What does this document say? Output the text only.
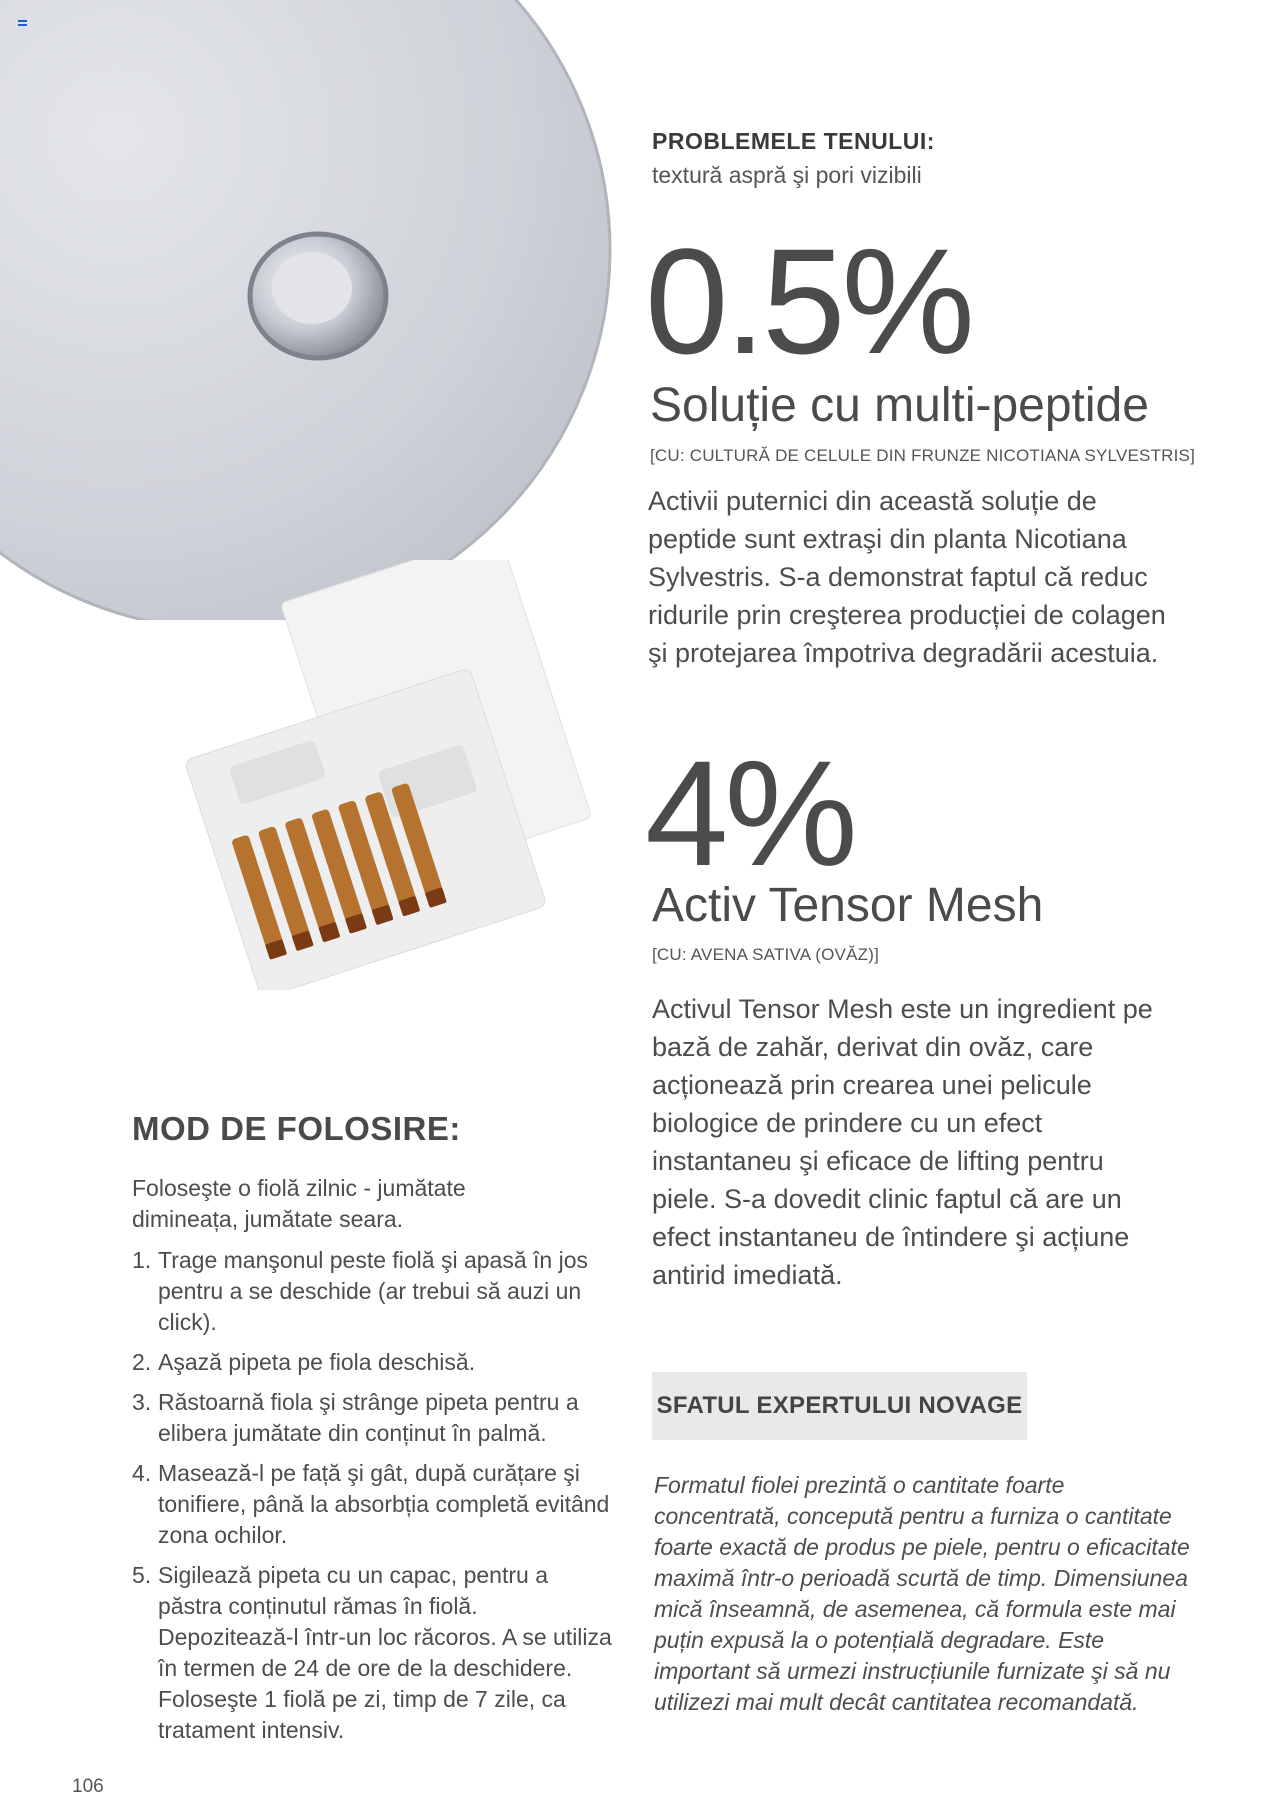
PROBLEMELE TENULUI:
textură aspră şi pori vizibili
0.5%
Soluție cu multi-peptide
[CU: CULTURĂ DE CELULE DIN FRUNZE NICOTIANA SYLVESTRIS]

Activii puternici din această soluție de peptide sunt extraşi din planta Nicotiana Sylvestris. S-a demonstrat faptul că reduc ridurile prin creşterea producției de colagen şi protejarea împotriva degradării acestuia.

4%
Activ Tensor Mesh
[CU: AVENA SATIVA (OVĂZ)]

Activul Tensor Mesh este un ingredient pe bază de zahăr, derivat din ovăz, care acționează prin crearea unei pelicule biologice de prindere cu un efect instantaneu şi eficace de lifting pentru piele. S-a dovedit clinic faptul că are un efect instantaneu de întindere şi acțiune antirid imediată.

MOD DE FOLOSIRE:

Foloseşte o fiolă zilnic - jumătate dimineața, jumătate seara.

1. Trage manşonul peste fiolă şi apasă în jos pentru a se deschide (ar trebui să auzi un click).
2. Aşază pipeta pe fiola deschisă.
3. Răstoarnă fiola şi strânge pipeta pentru a elibera jumătate din conținut în palmă.
4. Masează-l pe față şi gât, după curățare şi tonifiere, până la absorbția completă evitând zona ochilor.
5. Sigilează pipeta cu un capac, pentru a păstra conținutul rămas în fiolă. Depozitează-l într-un loc răcoros. A se utiliza în termen de 24 de ore de la deschidere. Foloseşte 1 fiolă pe zi, timp de 7 zile, ca tratament intensiv.
SFATUL EXPERTULUI NOVAGE

Formatul fiolei prezintă o cantitate foarte concentrată, concepută pentru a furniza o cantitate foarte exactă de produs pe piele, pentru o eficacitate maximă într-o perioadă scurtă de timp. Dimensiunea mică înseamnă, de asemenea, că formula este mai puțin expusă la o potențială degradare. Este important să urmezi instrucțiunile furnizate şi să nu utilizezi mai mult decât cantitatea recomandată.

106
